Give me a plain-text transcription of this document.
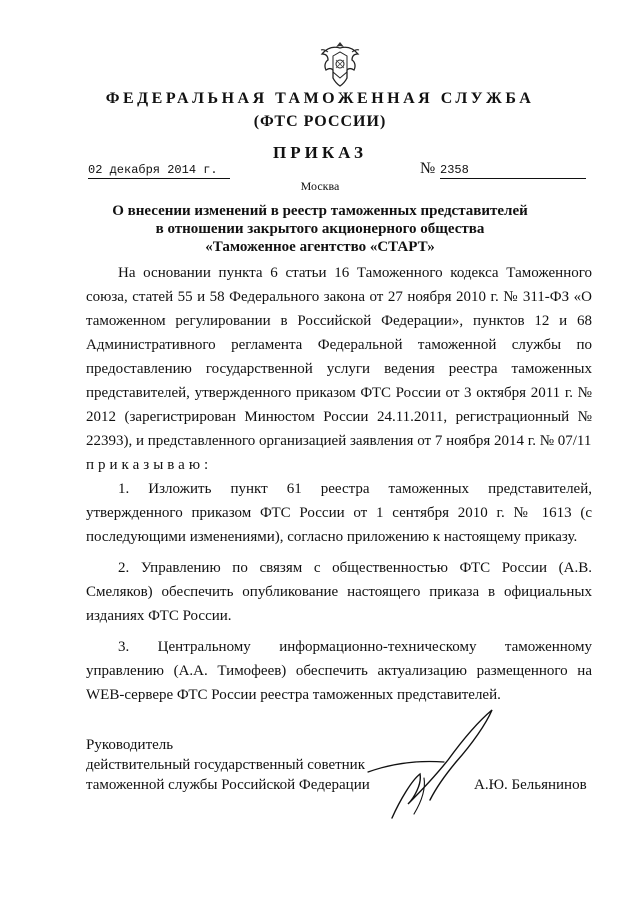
ФЕДЕРАЛЬНАЯ ТАМОЖЕННАЯ СЛУЖБА
(ФТС РОССИИ)
ПРИКАЗ
02 декабря 2014 г.	№ 2358
Москва
О внесении изменений в реестр таможенных представителей
в отношении закрытого акционерного общества
«Таможенное агентство «СТАРТ»

На основании пункта 6 статьи 16 Таможенного кодекса Таможенного союза, статей 55 и 58 Федерального закона от 27 ноября 2010 г. № 311-ФЗ «О таможенном регулировании в Российской Федерации», пунктов 12 и 68 Административного регламента Федеральной таможенной службы по предоставлению государственной услуги ведения реестра таможенных представителей, утвержденного приказом ФТС России от 3 октября 2011 г. № 2012 (зарегистрирован Минюстом России 24.11.2011, регистрационный № 22393), и представленного организацией заявления от 7 ноября 2014 г. № 07/11

приказываю:

1. Изложить пункт 61 реестра таможенных представителей, утвержденного приказом ФТС России от 1 сентября 2010 г. № 1613 (с последующими изменениями), согласно приложению к настоящему приказу.

2. Управлению по связям с общественностью ФТС России (А.В. Смеляков) обеспечить опубликование настоящего приказа в официальных изданиях ФТС России.

3. Центральному информационно-техническому таможенному управлению (А.А. Тимофеев) обеспечить актуализацию размещенного на WEB-сервере ФТС России реестра таможенных представителей.

Руководитель
действительный государственный советник
таможенной службы Российской Федерации	А.Ю. Бельянинов
